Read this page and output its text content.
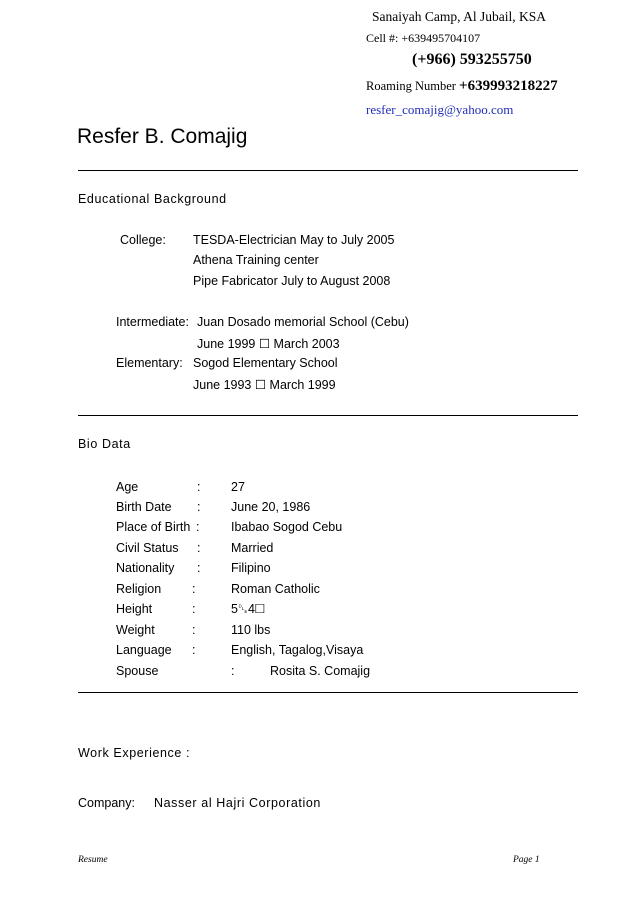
Sanaiyah Camp, Al Jubail, KSA
Cell #: +639495704107
(+966) 593255750
Roaming Number +639993218227
resfer_comajig@yahoo.com
Resfer B. Comajig
Educational Background
College: TESDA-Electrician May to July 2005
Athena Training center
Pipe Fabricator July to August 2008
Intermediate: Juan Dosado memorial School (Cebu)
June 1999 ☐ March 2003
Elementary: Sogod Elementary School
June 1993 ☐ March 1999
Bio Data
Age	: 27
Birth Date : June 20, 1986
Place of Birth :	Ibabao Sogod Cebu
Civil Status : Married
Nationality : Filipino
Religion :	Roman Catholic
Height	:	5␐4☐
Weight	:	110 lbs
Language :	English, Tagalog,Visaya
Spouse	:	Rosita S. Comajig
Work Experience :
Company: Nasser al Hajri Corporation
Resume	Page 1
